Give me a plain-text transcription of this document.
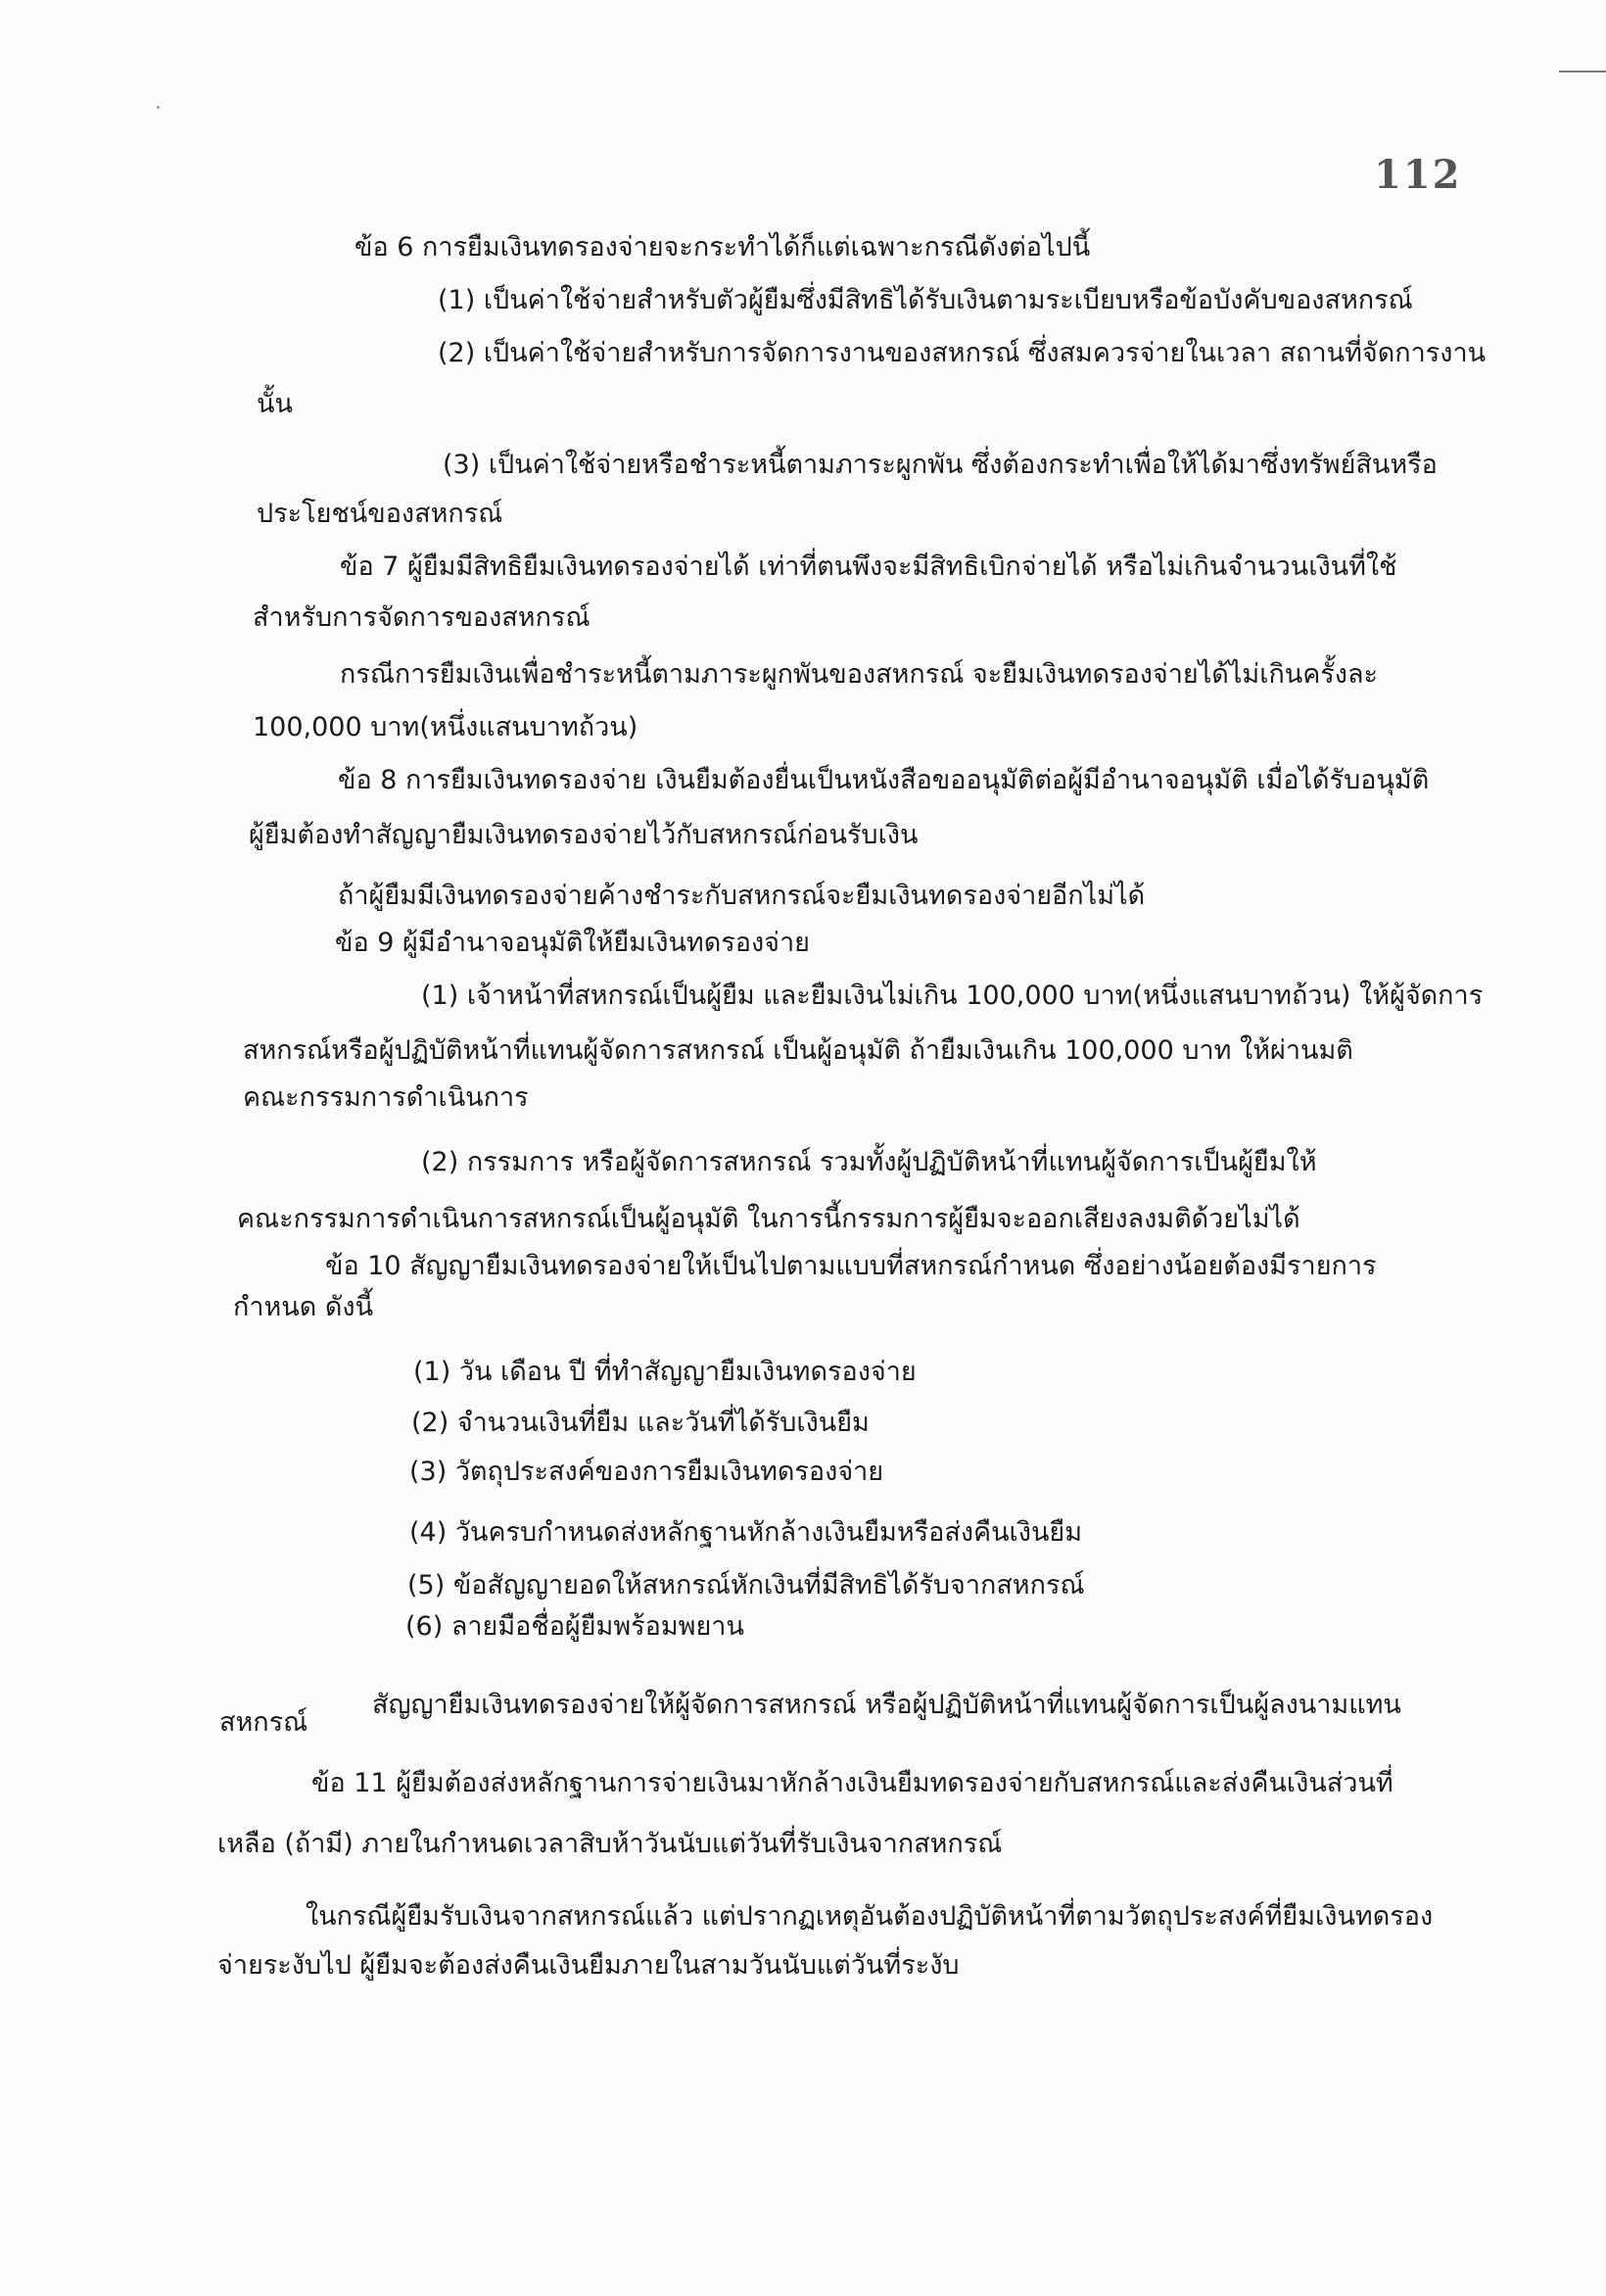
112
ข้อ 6 การยืมเงินทดรองจ่ายจะกระทำได้ก็แต่เฉพาะกรณีดังต่อไปนี้
(1) เป็นค่าใช้จ่ายสำหรับตัวผู้ยืมซึ่งมีสิทธิได้รับเงินตามระเบียบหรือข้อบังคับของสหกรณ์
(2) เป็นค่าใช้จ่ายสำหรับการจัดการงานของสหกรณ์ ซึ่งสมควรจ่ายในเวลา สถานที่จัดการงาน
นั้น
(3) เป็นค่าใช้จ่ายหรือชำระหนี้ตามภาระผูกพัน ซึ่งต้องกระทำเพื่อให้ได้มาซึ่งทรัพย์สินหรือ
ประโยชน์ของสหกรณ์
ข้อ 7 ผู้ยืมมีสิทธิยืมเงินทดรองจ่ายได้ เท่าที่ตนพึงจะมีสิทธิเบิกจ่ายได้ หรือไม่เกินจำนวนเงินที่ใช้
สำหรับการจัดการของสหกรณ์
กรณีการยืมเงินเพื่อชำระหนี้ตามภาระผูกพันของสหกรณ์ จะยืมเงินทดรองจ่ายได้ไม่เกินครั้งละ
100,000 บาท(หนึ่งแสนบาทถ้วน)
ข้อ 8 การยืมเงินทดรองจ่าย เงินยืมต้องยื่นเป็นหนังสือขออนุมัติต่อผู้มีอำนาจอนุมัติ เมื่อได้รับอนุมัติ
ผู้ยืมต้องทำสัญญายืมเงินทดรองจ่ายไว้กับสหกรณ์ก่อนรับเงิน
ถ้าผู้ยืมมีเงินทดรองจ่ายค้างชำระกับสหกรณ์จะยืมเงินทดรองจ่ายอีกไม่ได้
ข้อ 9 ผู้มีอำนาจอนุมัติให้ยืมเงินทดรองจ่าย
(1) เจ้าหน้าที่สหกรณ์เป็นผู้ยืม และยืมเงินไม่เกิน 100,000 บาท(หนึ่งแสนบาทถ้วน) ให้ผู้จัดการ
สหกรณ์หรือผู้ปฏิบัติหน้าที่แทนผู้จัดการสหกรณ์ เป็นผู้อนุมัติ ถ้ายืมเงินเกิน 100,000 บาท ให้ผ่านมติ
คณะกรรมการดำเนินการ
(2) กรรมการ หรือผู้จัดการสหกรณ์ รวมทั้งผู้ปฏิบัติหน้าที่แทนผู้จัดการเป็นผู้ยืมให้
คณะกรรมการดำเนินการสหกรณ์เป็นผู้อนุมัติ ในการนี้กรรมการผู้ยืมจะออกเสียงลงมติด้วยไม่ได้
ข้อ 10 สัญญายืมเงินทดรองจ่ายให้เป็นไปตามแบบที่สหกรณ์กำหนด ซึ่งอย่างน้อยต้องมีรายการ
กำหนด ดังนี้
(1) วัน เดือน ปี ที่ทำสัญญายืมเงินทดรองจ่าย
(2) จำนวนเงินที่ยืม และวันที่ได้รับเงินยืม
(3) วัตถุประสงค์ของการยืมเงินทดรองจ่าย
(4) วันครบกำหนดส่งหลักฐานหักล้างเงินยืมหรือส่งคืนเงินยืม
(5) ข้อสัญญายอดให้สหกรณ์หักเงินที่มีสิทธิได้รับจากสหกรณ์
(6) ลายมือชื่อผู้ยืมพร้อมพยาน
สัญญายืมเงินทดรองจ่ายให้ผู้จัดการสหกรณ์ หรือผู้ปฏิบัติหน้าที่แทนผู้จัดการเป็นผู้ลงนามแทน
สหกรณ์
ข้อ 11 ผู้ยืมต้องส่งหลักฐานการจ่ายเงินมาหักล้างเงินยืมทดรองจ่ายกับสหกรณ์และส่งคืนเงินส่วนที่
เหลือ (ถ้ามี) ภายในกำหนดเวลาสิบห้าวันนับแต่วันที่รับเงินจากสหกรณ์
ในกรณีผู้ยืมรับเงินจากสหกรณ์แล้ว แต่ปรากฏเหตุอันต้องปฏิบัติหน้าที่ตามวัตถุประสงค์ที่ยืมเงินทดรอง
จ่ายระงับไป ผู้ยืมจะต้องส่งคืนเงินยืมภายในสามวันนับแต่วันที่ระงับ
